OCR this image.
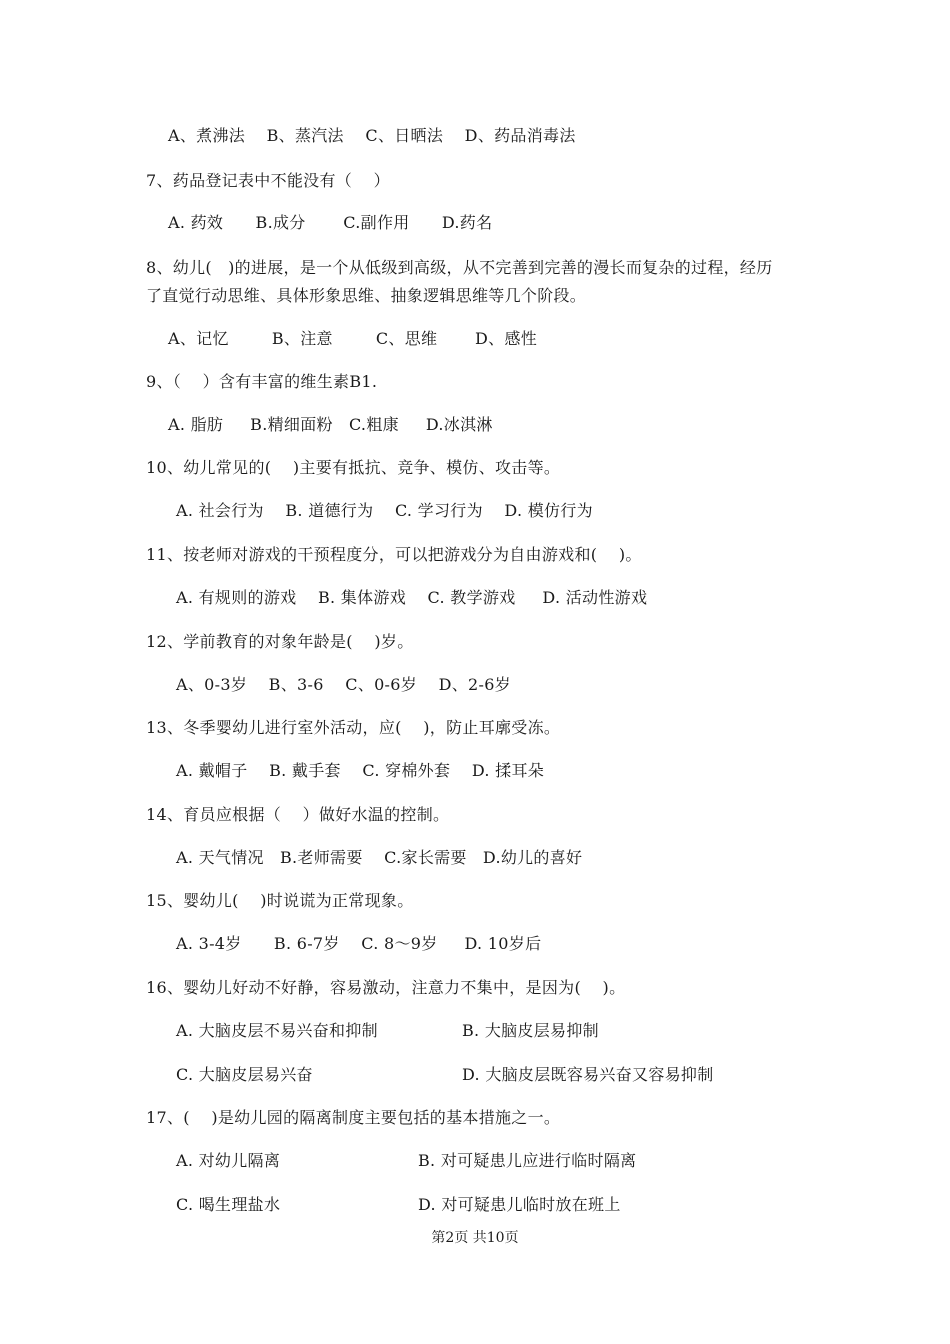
A、煮沸法    B、蒸汽法    C、日晒法    D、药品消毒法
7、药品登记表中不能没有（    ）
A. 药效      B.成分       C.副作用      D.药名
8、幼儿(   )的进展，是一个从低级到高级，从不完善到完善的漫长而复杂的过程，经历
了直觉行动思维、具体形象思维、抽象逻辑思维等几个阶段。
A、记忆        B、注意        C、思维       D、感性
9、（    ）含有丰富的维生素B1.
A. 脂肪     B.精细面粉   C.粗康     D.冰淇淋
10、幼儿常见的(    )主要有抵抗、竞争、模仿、攻击等。
A. 社会行为    B. 道德行为    C. 学习行为    D. 模仿行为
11、按老师对游戏的干预程度分，可以把游戏分为自由游戏和(    )。
A. 有规则的游戏    B. 集体游戏    C. 教学游戏     D. 活动性游戏
12、学前教育的对象年龄是(    )岁。
A、0-3岁    B、3-6    C、0-6岁    D、2-6岁
13、冬季婴幼儿进行室外活动，应(    )，防止耳廓受冻。
A. 戴帽子    B. 戴手套    C. 穿棉外套    D. 揉耳朵
14、育员应根据（    ）做好水温的控制。
A. 天气情况   B.老师需要    C.家长需要   D.幼儿的喜好
15、婴幼儿(    )时说谎为正常现象。
A. 3-4岁      B. 6-7岁    C. 8～9岁     D. 10岁后
16、婴幼儿好动不好静，容易激动，注意力不集中，是因为(    )。
A. 大脑皮层不易兴奋和抑制	B. 大脑皮层易抑制
C. 大脑皮层易兴奋	D. 大脑皮层既容易兴奋又容易抑制
17、(    )是幼儿园的隔离制度主要包括的基本措施之一。
A. 对幼儿隔离	B. 对可疑患儿应进行临时隔离
C. 喝生理盐水	D. 对可疑患儿临时放在班上
第2页 共10页
